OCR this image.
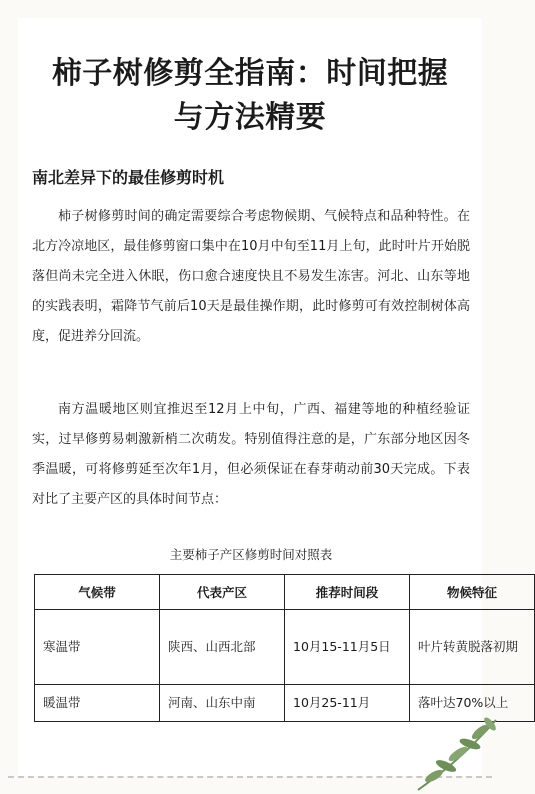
柿子树修剪全指南：时间把握与方法精要
南北差异下的最佳修剪时机

柿子树修剪时间的确定需要综合考虑物候期、气候特点和品种特性。在北方冷凉地区，最佳修剪窗口集中在10月中旬至11月上旬，此时叶片开始脱落但尚未完全进入休眠，伤口愈合速度快且不易发生冻害。河北、山东等地的实践表明，霜降节气前后10天是最佳操作期，此时修剪可有效控制树体高度，促进养分回流。

南方温暖地区则宜推迟至12月上中旬，广西、福建等地的种植经验证实，过早修剪易刺激新梢二次萌发。特别值得注意的是，广东部分地区因冬季温暖，可将修剪延至次年1月，但必须保证在春芽萌动前30天完成。下表对比了主要产区的具体时间节点：

主要柿子产区修剪时间对照表

气候带	代表产区	推荐时间段	物候特征
寒温带	陕西、山西北部	10月15-11月5日	叶片转黄脱落初期
暖温带	河南、山东中南	10月25-11月	落叶达70%以上
